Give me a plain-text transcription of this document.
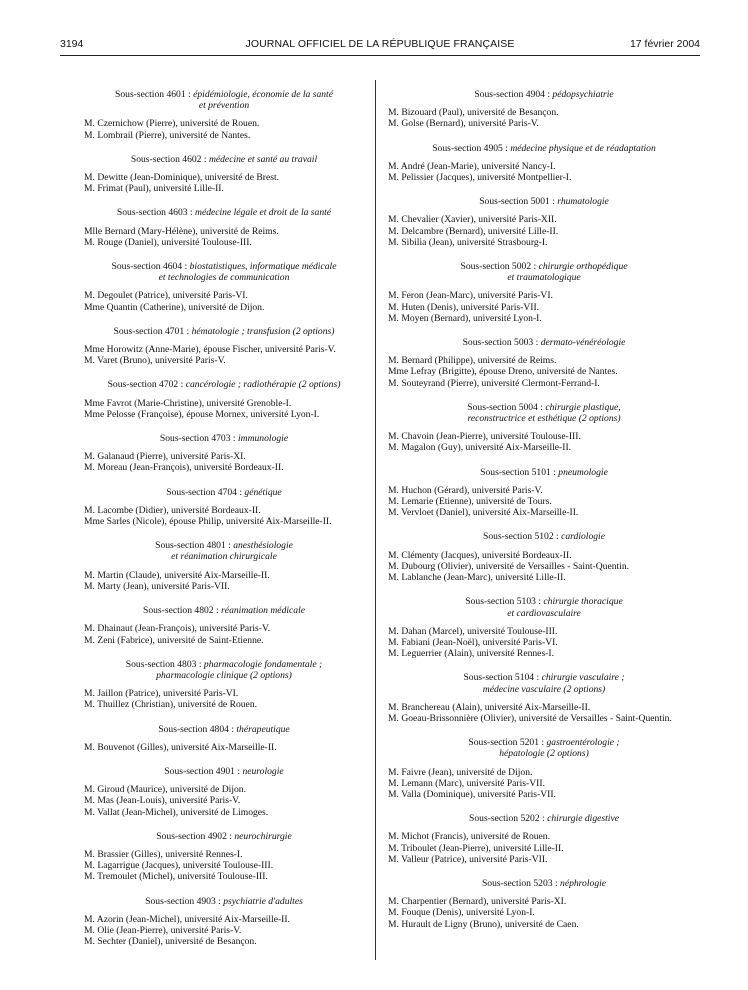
3194	JOURNAL OFFICIEL DE LA RÉPUBLIQUE FRANÇAISE	17 février 2004
Sous-section 4601 : épidémiologie, économie de la santé
et prévention
M. Czernichow (Pierre), université de Rouen.
M. Lombrail (Pierre), université de Nantes.
Sous-section 4602 : médecine et santé au travail
M. Dewitte (Jean-Dominique), université de Brest.
M. Frimat (Paul), université Lille-II.
Sous-section 4603 : médecine légale et droit de la santé
Mlle Bernard (Mary-Hélène), université de Reims.
M. Rouge (Daniel), université Toulouse-III.
Sous-section 4604 : biostatistiques, informatique médicale
et technologies de communication
M. Degoulet (Patrice), université Paris-VI.
Mme Quantin (Catherine), université de Dijon.
Sous-section 4701 : hématologie ; transfusion (2 options)
Mme Horowitz (Anne-Marie), épouse Fischer, université Paris-V.
M. Varet (Bruno), université Paris-V.
Sous-section 4702 : cancérologie ; radiothérapie (2 options)
Mme Favrot (Marie-Christine), université Grenoble-I.
Mme Pelosse (Françoise), épouse Mornex, université Lyon-I.
Sous-section 4703 : immunologie
M. Galanaud (Pierre), université Paris-XI.
M. Moreau (Jean-François), université Bordeaux-II.
Sous-section 4704 : génétique
M. Lacombe (Didier), université Bordeaux-II.
Mme Sarles (Nicole), épouse Philip, université Aix-Marseille-II.
Sous-section 4801 : anesthésiologie
et réanimation chirurgicale
M. Martin (Claude), université Aix-Marseille-II.
M. Marty (Jean), université Paris-VII.
Sous-section 4802 : réanimation médicale
M. Dhainaut (Jean-François), université Paris-V.
M. Zeni (Fabrice), université de Saint-Etienne.
Sous-section 4803 : pharmacologie fondamentale ;
pharmacologie clinique (2 options)
M. Jaillon (Patrice), université Paris-VI.
M. Thuillez (Christian), université de Rouen.
Sous-section 4804 : thérapeutique
M. Bouvenot (Gilles), université Aix-Marseille-II.
Sous-section 4901 : neurologie
M. Giroud (Maurice), université de Dijon.
M. Mas (Jean-Louis), université Paris-V.
M. Vallat (Jean-Michel), université de Limoges.
Sous-section 4902 : neurochirurgie
M. Brassier (Gilles), université Rennes-I.
M. Lagarrigue (Jacques), université Toulouse-III.
M. Tremoulet (Michel), université Toulouse-III.
Sous-section 4903 : psychiatrie d'adultes
M. Azorin (Jean-Michel), université Aix-Marseille-II.
M. Olie (Jean-Pierre), université Paris-V.
M. Sechter (Daniel), université de Besançon.
Sous-section 4904 : pédopsychiatrie
M. Bizouard (Paul), université de Besançon.
M. Golse (Bernard), université Paris-V.
Sous-section 4905 : médecine physique et de réadaptation
M. André (Jean-Marie), université Nancy-I.
M. Pelissier (Jacques), université Montpellier-I.
Sous-section 5001 : rhumatologie
M. Chevalier (Xavier), université Paris-XII.
M. Delcambre (Bernard), université Lille-II.
M. Sibilia (Jean), université Strasbourg-I.
Sous-section 5002 : chirurgie orthopédique
et traumatologique
M. Feron (Jean-Marc), université Paris-VI.
M. Huten (Denis), université Paris-VII.
M. Moyen (Bernard), université Lyon-I.
Sous-section 5003 : dermato-vénéréologie
M. Bernard (Philippe), université de Reims.
Mme Lefray (Brigitte), épouse Dreno, université de Nantes.
M. Souteyrand (Pierre), université Clermont-Ferrand-I.
Sous-section 5004 : chirurgie plastique,
reconstructrice et esthétique (2 options)
M. Chavoin (Jean-Pierre), université Toulouse-III.
M. Magalon (Guy), université Aix-Marseille-II.
Sous-section 5101 : pneumologie
M. Huchon (Gérard), université Paris-V.
M. Lemarie (Etienne), université de Tours.
M. Vervloet (Daniel), université Aix-Marseille-II.
Sous-section 5102 : cardiologie
M. Clémenty (Jacques), université Bordeaux-II.
M. Dubourg (Olivier), université de Versailles - Saint-Quentin.
M. Lablanche (Jean-Marc), université Lille-II.
Sous-section 5103 : chirurgie thoracique
et cardiovasculaire
M. Dahan (Marcel), université Toulouse-III.
M. Fabiani (Jean-Noël), université Paris-VI.
M. Leguerrier (Alain), université Rennes-I.
Sous-section 5104 : chirurgie vasculaire ;
médecine vasculaire (2 options)
M. Branchereau (Alain), université Aix-Marseille-II.
M. Goeau-Brissonnière (Olivier), université de Versailles - Saint-Quentin.
Sous-section 5201 : gastroentérologie ;
hépatologie (2 options)
M. Faivre (Jean), université de Dijon.
M. Lemann (Marc), université Paris-VII.
M. Valla (Dominique), université Paris-VII.
Sous-section 5202 : chirurgie digestive
M. Michot (Francis), université de Rouen.
M. Triboulet (Jean-Pierre), université Lille-II.
M. Valleur (Patrice), université Paris-VII.
Sous-section 5203 : néphrologie
M. Charpentier (Bernard), université Paris-XI.
M. Fouque (Denis), université Lyon-I.
M. Hurault de Ligny (Bruno), université de Caen.
